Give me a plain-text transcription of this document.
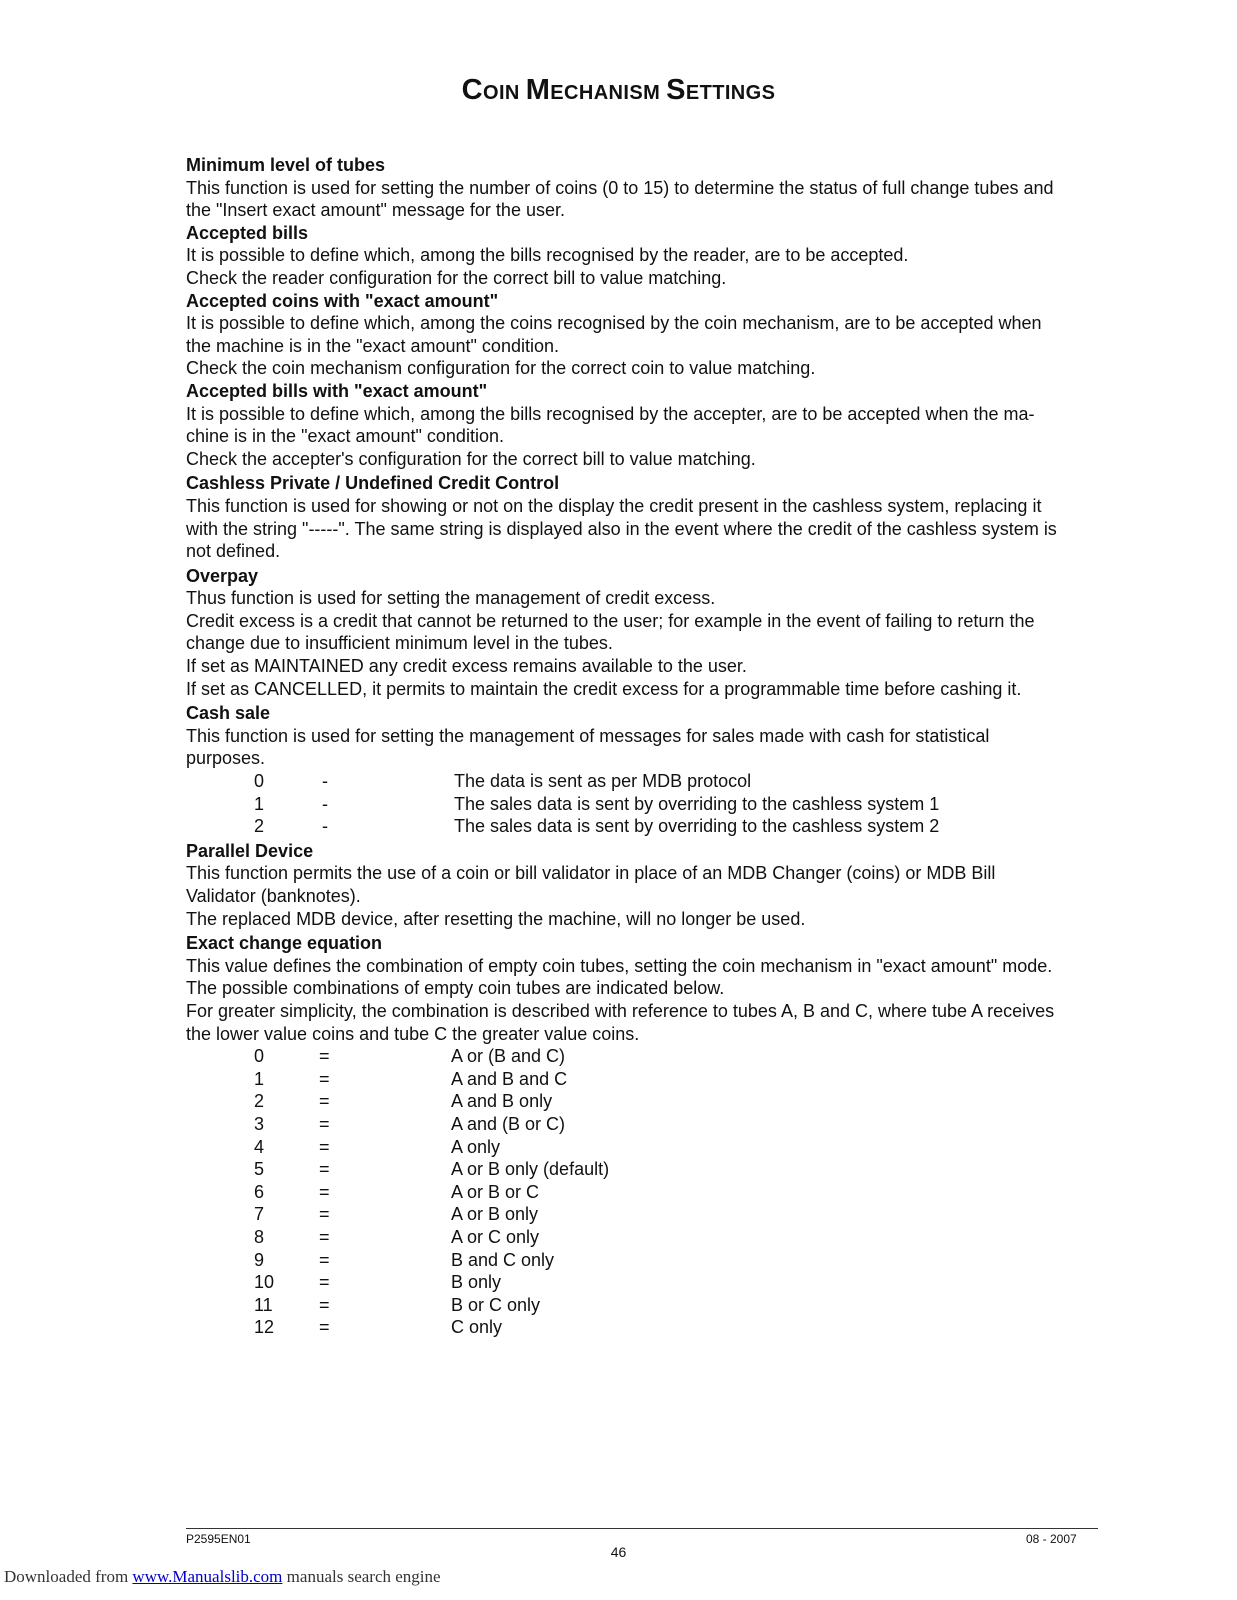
COIN MECHANISM SETTINGS

Minimum level of tubes

This function is used for setting the number of coins (0 to 15) to determine the status of full change tubes and

the "Insert exact amount" message for the user.

Accepted bills

It is possible to define which, among the bills recognised by the reader, are to be accepted.

Check the reader configuration for the correct bill to value matching.

Accepted coins with "exact amount"

It is possible to define which, among the coins recognised by the coin mechanism, are to be accepted when

the machine is in the "exact amount" condition.

Check the coin mechanism configuration for the correct coin to value matching.

Accepted bills with "exact amount"

It is possible to define which, among the bills recognised by the accepter, are to be accepted when the ma-

chine is in the "exact amount" condition.

Check the accepter's configuration for the correct bill to value matching.

Cashless Private / Undefined Credit Control

This function is used for showing or not on the display the credit present in the cashless system, replacing it

with the string "-----". The same string is displayed also in the event where the credit of the cashless system is

not defined.

Overpay

Thus function is used for setting the management of credit excess.

Credit excess is a credit that cannot be returned to the user; for example in the event of failing to return the

change due to insufficient minimum level in the tubes.

If set as MAINTAINED any credit excess remains available to the user.

If set as CANCELLED, it permits to maintain the credit excess for a programmable time before cashing it.

Cash sale

This function is used for setting the management of messages for sales made with cash for statistical

purposes.

0	-	The data is sent as per MDB protocol
1	-	The sales data is sent by overriding to the cashless system 1
2	-	The sales data is sent by overriding to the cashless system 2

Parallel Device

This function permits the use of a coin or bill validator in place of an MDB Changer (coins) or MDB Bill

Validator (banknotes).

The replaced MDB device, after resetting the machine, will no longer be used.

Exact change equation

This value defines the combination of empty coin tubes, setting the coin mechanism in "exact amount" mode.

The possible combinations of empty coin tubes are indicated below.

For greater simplicity, the combination is described with reference to tubes A, B and C, where tube A receives

the lower value coins and tube C the greater value coins.

0	=	A or (B and C)
1	=	A and B and C
2	=	A and B only
3	=	A and (B or C)
4	=	A only
5	=	A or B only (default)
6	=	A or B or C
7	=	A or B only
8	=	A or C only
9	=	B and C only
10	=	B only
11	=	B or C only
12	=	C only
P2595EN01	08 - 2007
46
Downloaded from www.Manualslib.com manuals search engine
